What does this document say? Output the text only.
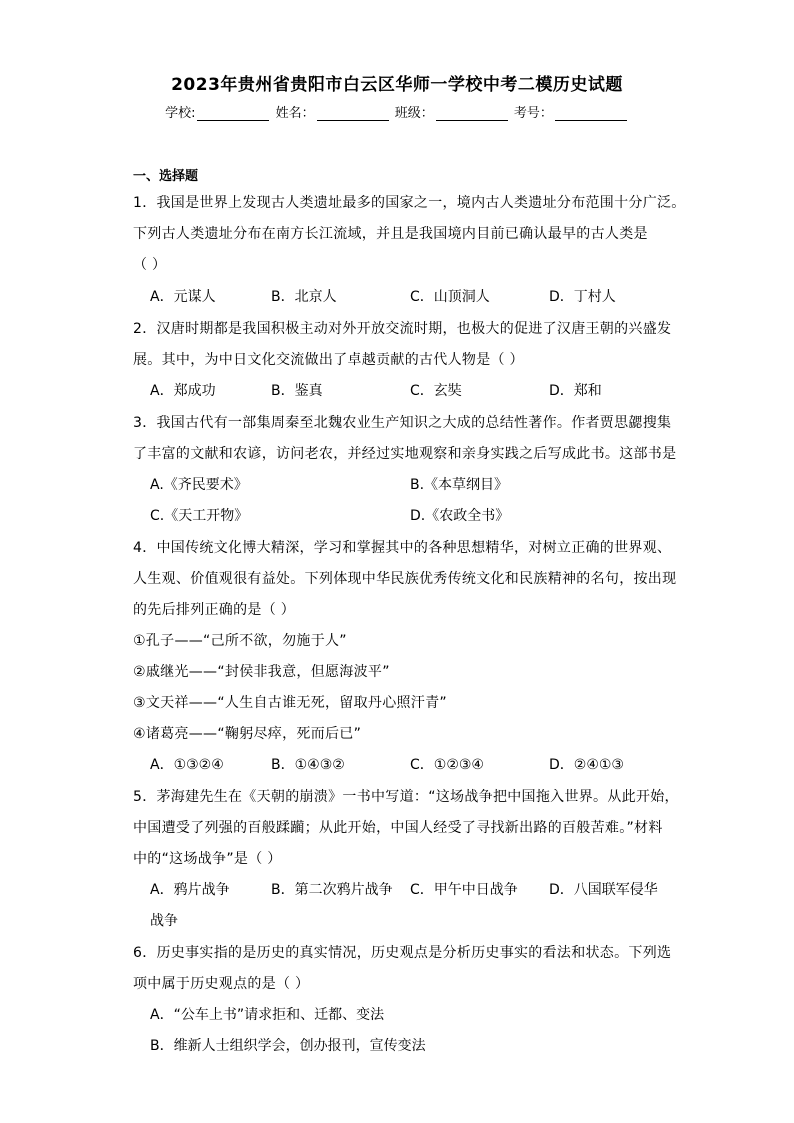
2023年贵州省贵阳市白云区华师一学校中考二模历史试题
学校:	姓名：	班级：	考号：
一、选择题
1．我国是世界上发现古人类遗址最多的国家之一，境内古人类遗址分布范围十分广泛。
下列古人类遗址分布在南方长江流域，并且是我国境内目前已确认最早的古人类是
（ ）
A．元谋人	B．北京人	C．山顶洞人	D．丁村人
2．汉唐时期都是我国积极主动对外开放交流时期，也极大的促进了汉唐王朝的兴盛发
展。其中，为中日文化交流做出了卓越贡献的古代人物是（ ）
A．郑成功	B．鉴真	C．玄奘	D．郑和
3．我国古代有一部集周秦至北魏农业生产知识之大成的总结性著作。作者贾思勰搜集
了丰富的文献和农谚，访问老农，并经过实地观察和亲身实践之后写成此书。这部书是
A.《齐民要术》	B.《本草纲目》
C.《天工开物》	D.《农政全书》
4．中国传统文化博大精深，学习和掌握其中的各种思想精华，对树立正确的世界观、
人生观、价值观很有益处。下列体现中华民族优秀传统文化和民族精神的名句，按出现
的先后排列正确的是（ ）
①孔子——“己所不欲，勿施于人”
②戚继光——“封侯非我意，但愿海波平”
③文天祥——“人生自古谁无死，留取丹心照汗青”
④诸葛亮——“鞠躬尽瘁，死而后已”
A．①③②④	B．①④③②	C．①②③④	D．②④①③
5．茅海建先生在《天朝的崩溃》一书中写道：“这场战争把中国拖入世界。从此开始，
中国遭受了列强的百般蹂躏；从此开始，中国人经受了寻找新出路的百般苦难。”材料
中的“这场战争”是（ ）
A．鸦片战争	B．第二次鸦片战争 C．甲午中日战争 D．八国联军侵华
战争
6．历史事实指的是历史的真实情况，历史观点是分析历史事实的看法和状态。下列选
项中属于历史观点的是（ ）
A．“公车上书”请求拒和、迁都、变法
B．维新人士组织学会，创办报刊，宣传变法
